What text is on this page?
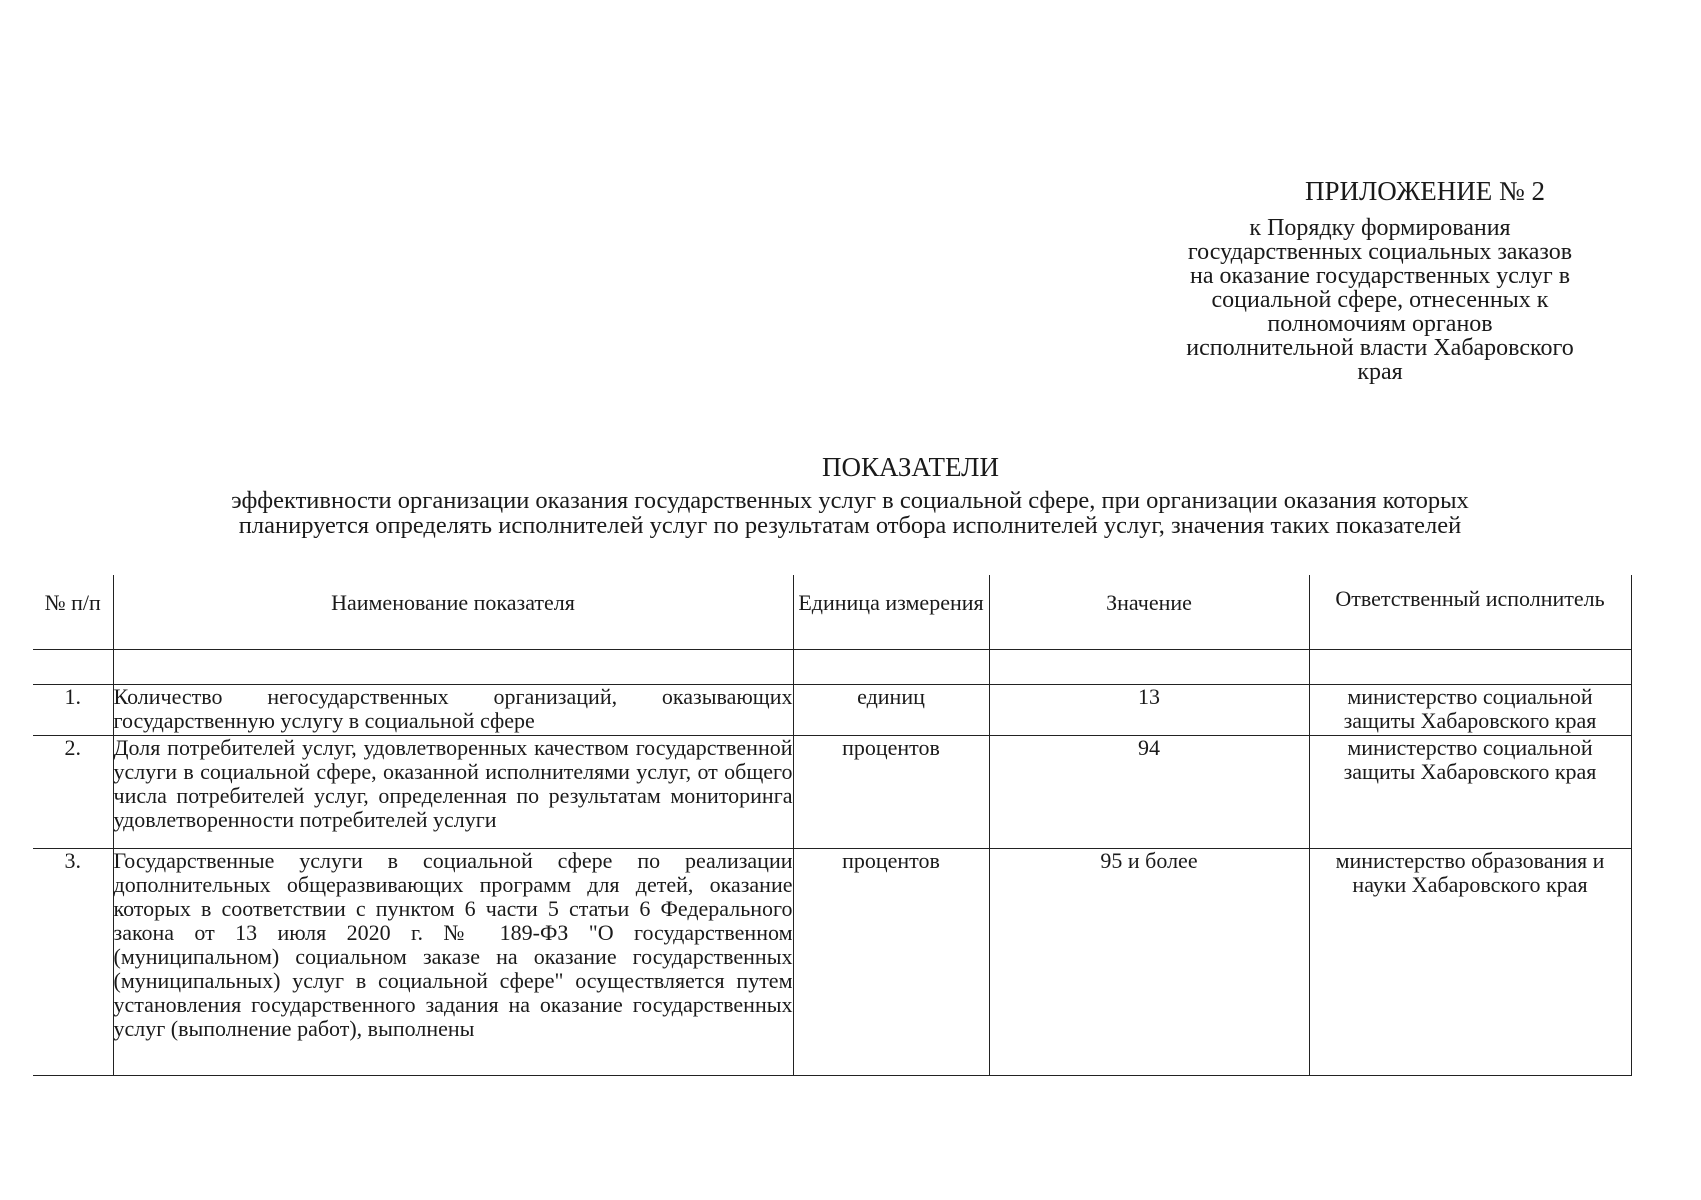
ПРИЛОЖЕНИЕ № 2
к Порядку формирования
государственных социальных заказов
на оказание государственных услуг в
социальной сфере, отнесенных к
полномочиям органов
исполнительной власти Хабаровского
края
ПОКАЗАТЕЛИ
эффективности организации оказания государственных услуг в социальной сфере, при организации оказания которых
планируется определять исполнителей услуг по результатам отбора исполнителей услуг, значения таких показателей
№ п/п	Наименование показателя	Единица измерения	Значение	Ответственный исполнитель

1.	Количество негосударственных организаций, оказывающих государственную услугу в социальной сфере	единиц	13	министерство социальной защиты Хабаровского края
2.	Доля потребителей услуг, удовлетворенных качеством государственной услуги в социальной сфере, оказанной исполнителями услуг, от общего числа потребителей услуг, определенная по результатам мониторинга удовлетворенности потребителей услуги	процентов	94	министерство социальной защиты Хабаровского края
3.	Государственные услуги в социальной сфере по реализации дополнительных общеразвивающих программ для детей, оказание которых в соответствии с пунктом 6 части 5 статьи 6 Федерального закона от 13 июля 2020 г. № 189-ФЗ "О государственном (муниципальном) социальном заказе на оказание государственных (муниципальных) услуг в социальной сфере" осуществляется путем установления государственного задания на оказание государственных услуг (выполнение работ), выполнены	процентов	95 и более	министерство образования и науки Хабаровского края
